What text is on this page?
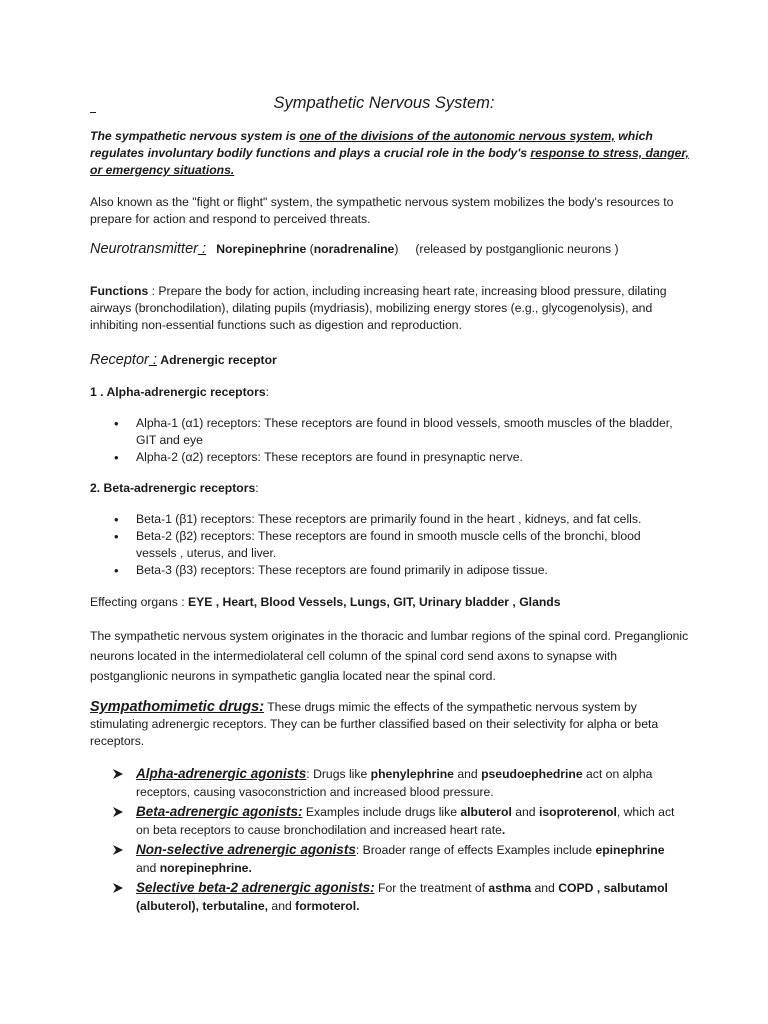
Sympathetic Nervous System:

The sympathetic nervous system is one of the divisions of the autonomic nervous system, which regulates involuntary bodily functions and plays a crucial role in the body's response to stress, danger, or emergency situations.

Also known as the "fight or flight" system, the sympathetic nervous system mobilizes the body's resources to prepare for action and respond to perceived threats.

Neurotransmitter : Norepinephrine (noradrenaline) (released by postganglionic neurons )

Functions : Prepare the body for action, including increasing heart rate, increasing blood pressure, dilating airways (bronchodilation), dilating pupils (mydriasis), mobilizing energy stores (e.g., glycogenolysis), and inhibiting non-essential functions such as digestion and reproduction.

Receptor : Adrenergic receptor

1 . Alpha-adrenergic receptors:

• Alpha-1 (α1) receptors: These receptors are found in blood vessels, smooth muscles of the bladder, GIT and eye
• Alpha-2 (α2) receptors: These receptors are found in presynaptic nerve.

2. Beta-adrenergic receptors:

• Beta-1 (β1) receptors: These receptors are primarily found in the heart , kidneys, and fat cells.
• Beta-2 (β2) receptors: These receptors are found in smooth muscle cells of the bronchi, blood vessels , uterus, and liver.
• Beta-3 (β3) receptors: These receptors are found primarily in adipose tissue.

Effecting organs : EYE , Heart, Blood Vessels, Lungs, GIT, Urinary bladder , Glands

The sympathetic nervous system originates in the thoracic and lumbar regions of the spinal cord. Preganglionic neurons located in the intermediolateral cell column of the spinal cord send axons to synapse with postganglionic neurons in sympathetic ganglia located near the spinal cord.

Sympathomimetic drugs: These drugs mimic the effects of the sympathetic nervous system by stimulating adrenergic receptors. They can be further classified based on their selectivity for alpha or beta receptors.

Alpha-adrenergic agonists: Drugs like phenylephrine and pseudoephedrine act on alpha receptors, causing vasoconstriction and increased blood pressure.
Beta-adrenergic agonists: Examples include drugs like albuterol and isoproterenol, which act on beta receptors to cause bronchodilation and increased heart rate.
Non-selective adrenergic agonists: Broader range of effects Examples include epinephrine and norepinephrine.
Selective beta-2 adrenergic agonists: For the treatment of asthma and COPD , salbutamol (albuterol), terbutaline, and formoterol.
